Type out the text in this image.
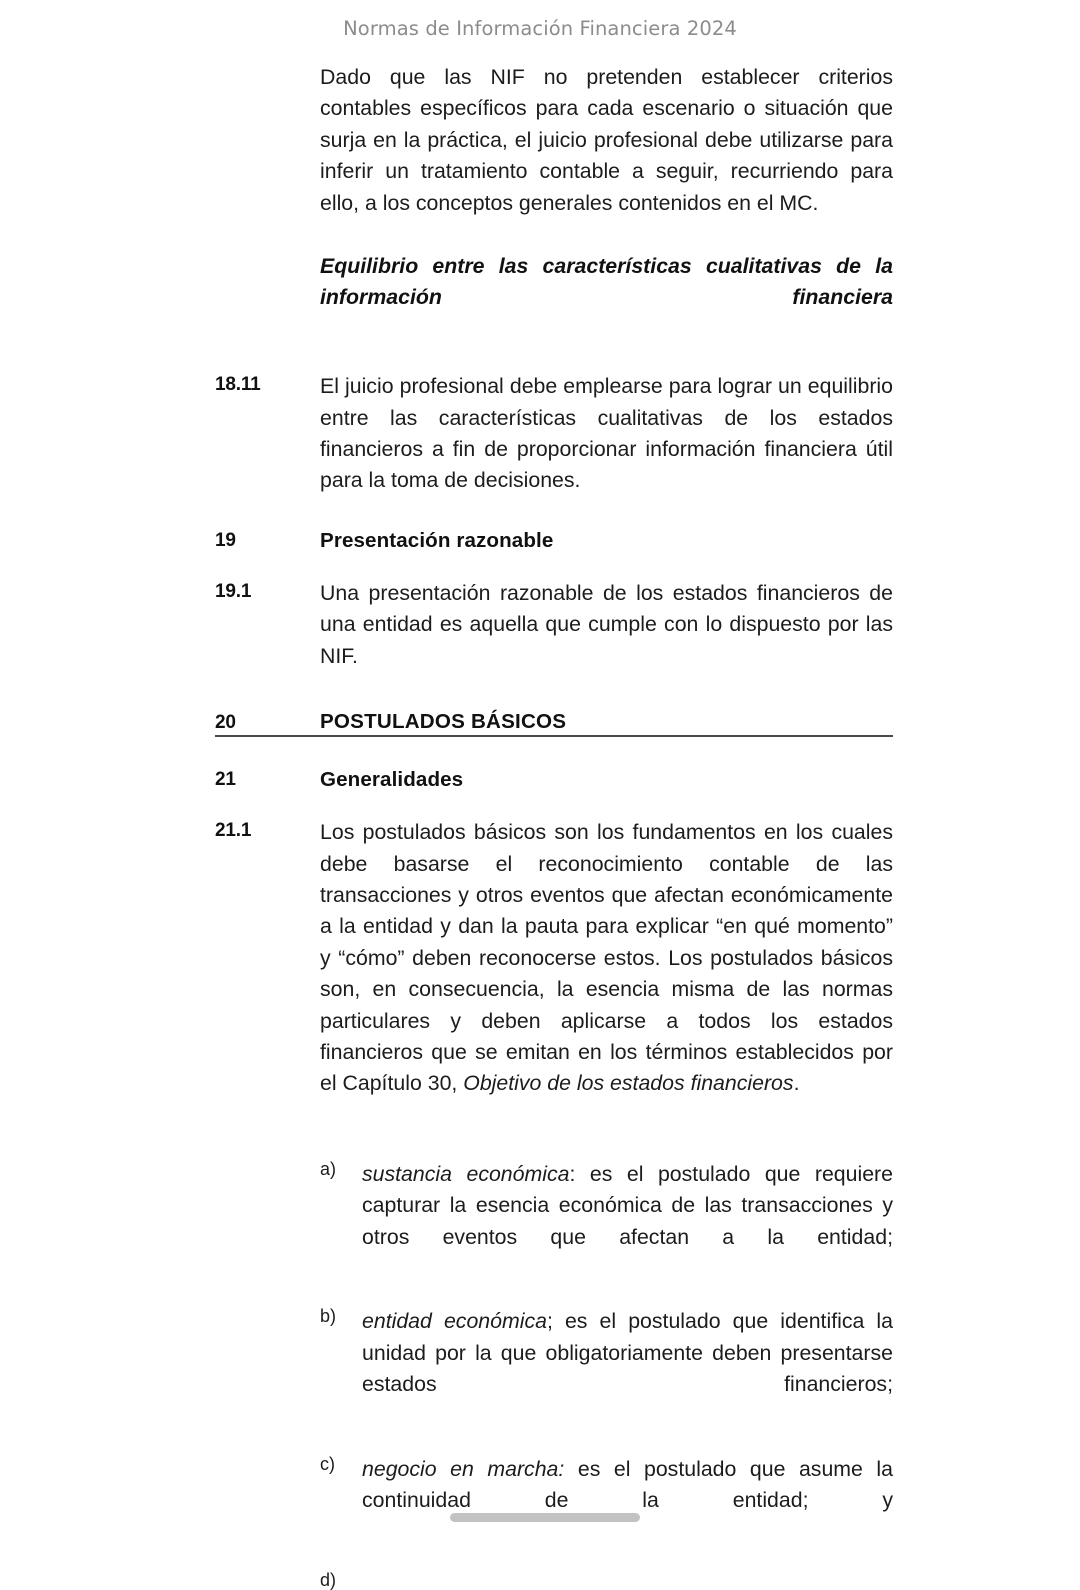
Normas de Información Financiera 2024

Dado que las NIF no pretenden establecer criterios contables específicos para cada escenario o situación que surja en la práctica, el juicio profesional debe utilizarse para inferir un tratamiento contable a seguir, recurriendo para ello, a los conceptos generales contenidos en el MC.

Equilibrio entre las características cualitativas de la información financiera

18.11	El juicio profesional debe emplearse para lograr un equilibrio entre las características cualitativas de los estados financieros a fin de proporcionar información financiera útil para la toma de decisiones.

19	Presentación razonable

19.1	Una presentación razonable de los estados financieros de una entidad es aquella que cumple con lo dispuesto por las NIF.

20	POSTULADOS BÁSICOS

21	Generalidades

21.1	Los postulados básicos son los fundamentos en los cuales debe basarse el reconocimiento contable de las transacciones y otros eventos que afectan económicamente a la entidad y dan la pauta para explicar “en qué momento” y “cómo” deben reconocerse estos. Los postulados básicos son, en consecuencia, la esencia misma de las normas particulares y deben aplicarse a todos los estados financieros que se emitan en los términos establecidos por el Capítulo 30, Objetivo de los estados financieros.

a)	sustancia económica: es el postulado que requiere capturar la esencia económica de las transacciones y otros eventos que afectan a la entidad;
b)	entidad económica; es el postulado que identifica la unidad por la que obligatoriamente deben presentarse estados financieros;
c)	negocio en marcha: es el postulado que asume la continuidad de la entidad; y
d)
